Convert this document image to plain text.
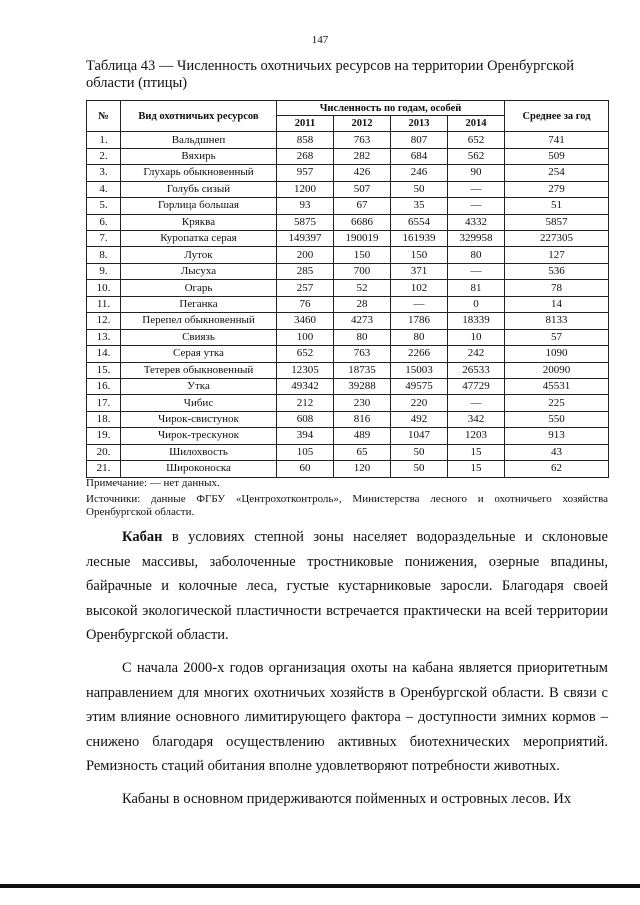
147
Таблица 43 — Численность охотничьих ресурсов на территории Оренбургской области (птицы)
№	Вид охотничьих ресурсов	Численность по годам, особей				Среднее за год
		2011	2012	2013	2014	
1.	Вальдшнеп	858	763	807	652	741
2.	Вяхирь	268	282	684	562	509
3.	Глухарь обыкновенный	957	426	246	90	254
4.	Голубь сизый	1200	507	50	—	279
5.	Горлица большая	93	67	35	—	51
6.	Кряква	5875	6686	6554	4332	5857
7.	Куропатка серая	149397	190019	161939	329958	227305
8.	Луток	200	150	150	80	127
9.	Лысуха	285	700	371	—	536
10.	Огарь	257	52	102	81	78
11.	Пеганка	76	28	—	0	14
12.	Перепел обыкновенный	3460	4273	1786	18339	8133
13.	Свиязь	100	80	80	10	57
14.	Серая утка	652	763	2266	242	1090
15.	Тетерев обыкновенный	12305	18735	15003	26533	20090
16.	Утка	49342	39288	49575	47729	45531
17.	Чибис	212	230	220	—	225
18.	Чирок-свистунок	608	816	492	342	550
19.	Чирок-трескунок	394	489	1047	1203	913
20.	Шилохвость	105	65	50	15	43
21.	Широконоска	60	120	50	15	62
Примечание: — нет данных.
Источники: данные ФГБУ «Центрохотконтроль», Министерства лесного и охотничьего хозяйства Оренбургской области.

Кабан в условиях степной зоны населяет водораздельные и склоновые лесные массивы, заболоченные тростниковые понижения, озерные впадины, байрачные и колочные леса, густые кустарниковые заросли. Благодаря своей высокой экологической пластичности встречается практически на всей территории Оренбургской области.

С начала 2000-х годов организация охоты на кабана является приоритетным направлением для многих охотничьих хозяйств в Оренбургской области. В связи с этим влияние основного лимитирующего фактора – доступности зимних кормов – снижено благодаря осуществлению активных биотехнических мероприятий. Ремизность стаций обитания вполне удовлетворяют потребности животных.

Кабаны в основном придерживаются пойменных и островных лесов. Их
